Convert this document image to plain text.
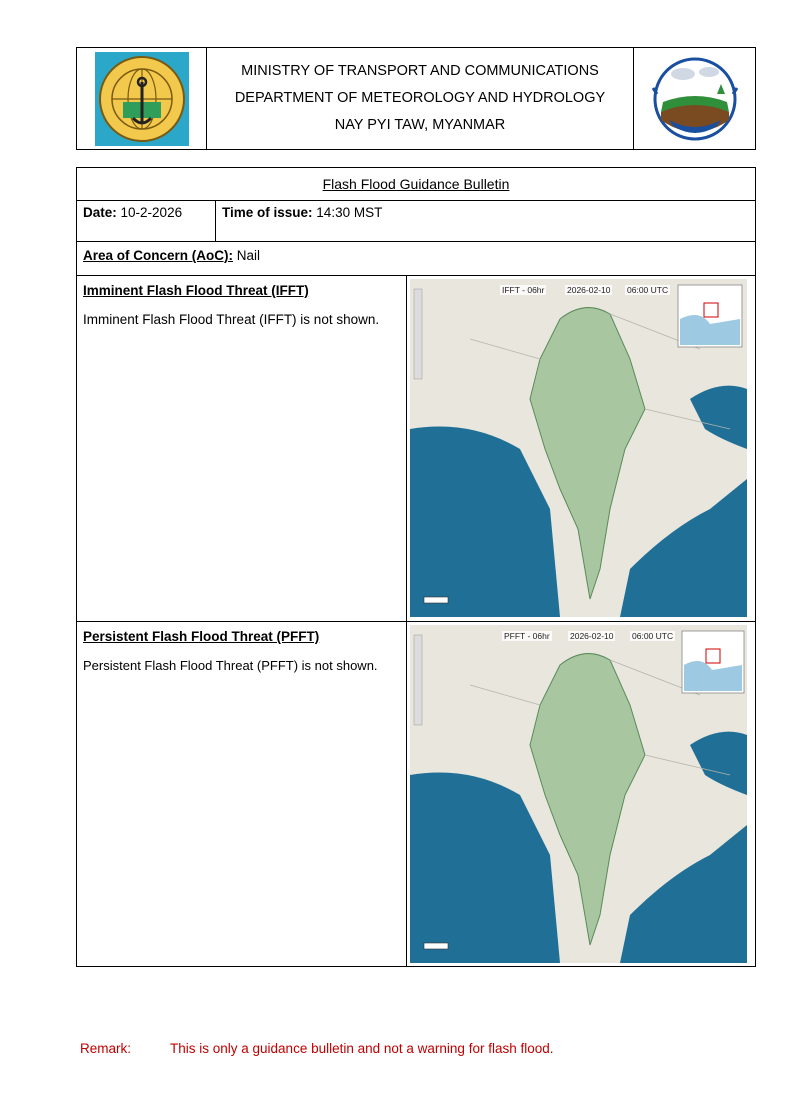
MINISTRY OF TRANSPORT AND COMMUNICATIONS
DEPARTMENT OF METEOROLOGY AND HYDROLOGY
NAY PYI TAW, MYANMAR
Flash Flood Guidance Bulletin
Date: 10-2-2026	Time of issue: 14:30 MST
Area of Concern (AoC): Nail
Imminent Flash Flood Threat (IFFT)
Imminent Flash Flood Threat (IFFT) is not shown.
IFFT - 06hr	2026-02-10 06:00 UTC
Persistent Flash Flood Threat (PFFT)
Persistent Flash Flood Threat (PFFT) is not shown.
PFFT - 06hr 2026-02-10 06:00 UTC
Remark:	This is only a guidance bulletin and not a warning for flash flood.
